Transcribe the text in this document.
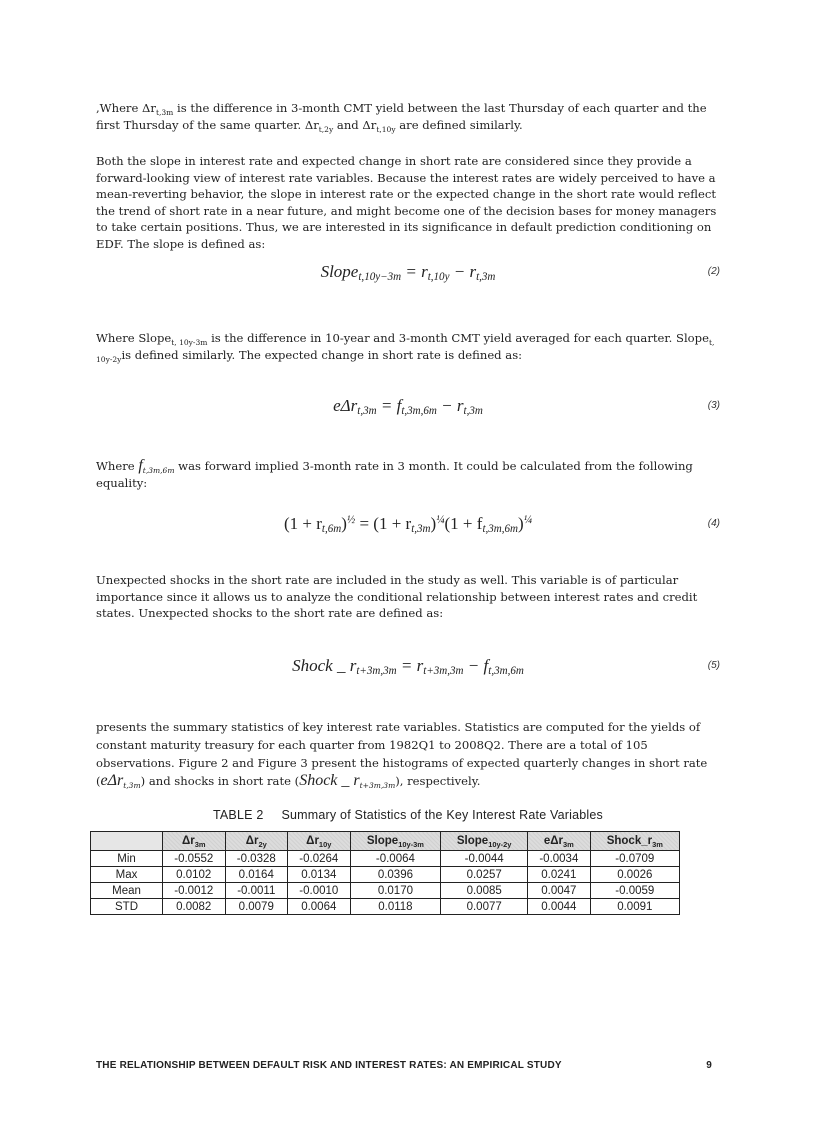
,Where $\Delta r_{t,3m}$ is the difference in 3-month CMT yield between the last Thursday of each quarter and the first Thursday of the same quarter. $\Delta r_{t,2y}$ and $\Delta r_{t,10y}$ are defined similarly.
Both the slope in interest rate and expected change in short rate are considered since they provide a forward-looking view of interest rate variables. Because the interest rates are widely perceived to have a mean-reverting behavior, the slope in interest rate or the expected change in the short rate would reflect the trend of short rate in a near future, and might become one of the decision bases for money managers to take certain positions. Thus, we are interested in its significance in default prediction conditioning on EDF. The slope is defined as:
Slope$_{t,10y-3m}$ = $r_{t,10y} - r_{t,3m}$	(2)
Where Slope$_{t, 10y-3m}$ is the difference in 10-year and 3-month CMT yield averaged for each quarter. Slope$_{t, 10y-2y}$is defined similarly. The expected change in short rate is defined as:
$e\Delta r_{t,3m} = f_{t,3m,6m} - r_{t,3m}$	(3)
Where $f_{t,3m,6m}$ was forward implied 3-month rate in 3 month. It could be calculated from the following equality:
$(1 + r_{t,6m})^{\frac{1}{2}} = (1 + r_{t,3m})^{\frac{1}{4}}(1 + f_{t,3m,6m})^{\frac{1}{4}}$	(4)
Unexpected shocks in the short rate are included in the study as well. This variable is of particular importance since it allows us to analyze the conditional relationship between interest rates and credit states. Unexpected shocks to the short rate are defined as:
Shock _ $r_{t+3m,3m} = r_{t+3m,3m} - f_{t,3m,6m}$	(5)
presents the summary statistics of key interest rate variables. Statistics are computed for the yields of constant maturity treasury for each quarter from 1982Q1 to 2008Q2. There are a total of 105 observations. Figure 2 and Figure 3 present the histograms of expected quarterly changes in short rate (eΔr$_{t,3m}$) and shocks in short rate (Shock _ $r_{t+3m,3m}$), respectively.
TABLE 2 Summary of Statistics of the Key Interest Rate Variables
	$\Delta r_{3m}$	$\Delta r_{2y}$	$\Delta r_{10y}$	Slope$_{10y-3m}$	Slope$_{10y-2y}$	eΔr$_{3m}$	$Shock\_r_{3m}$
Min	-0.0552	-0.0328	-0.0264	-0.0064	-0.0044	-0.0034	-0.0709
Max	0.0102	0.0164	0.0134	0.0396	0.0257	0.0241	0.0026
Mean	-0.0012	-0.0011	-0.0010	0.0170	0.0085	0.0047	-0.0059
STD	0.0082	0.0079	0.0064	0.0118	0.0077	0.0044	0.0091
THE RELATIONSHIP BETWEEN DEFAULT RISK AND INTEREST RATES: AN EMPIRICAL STUDY	9
